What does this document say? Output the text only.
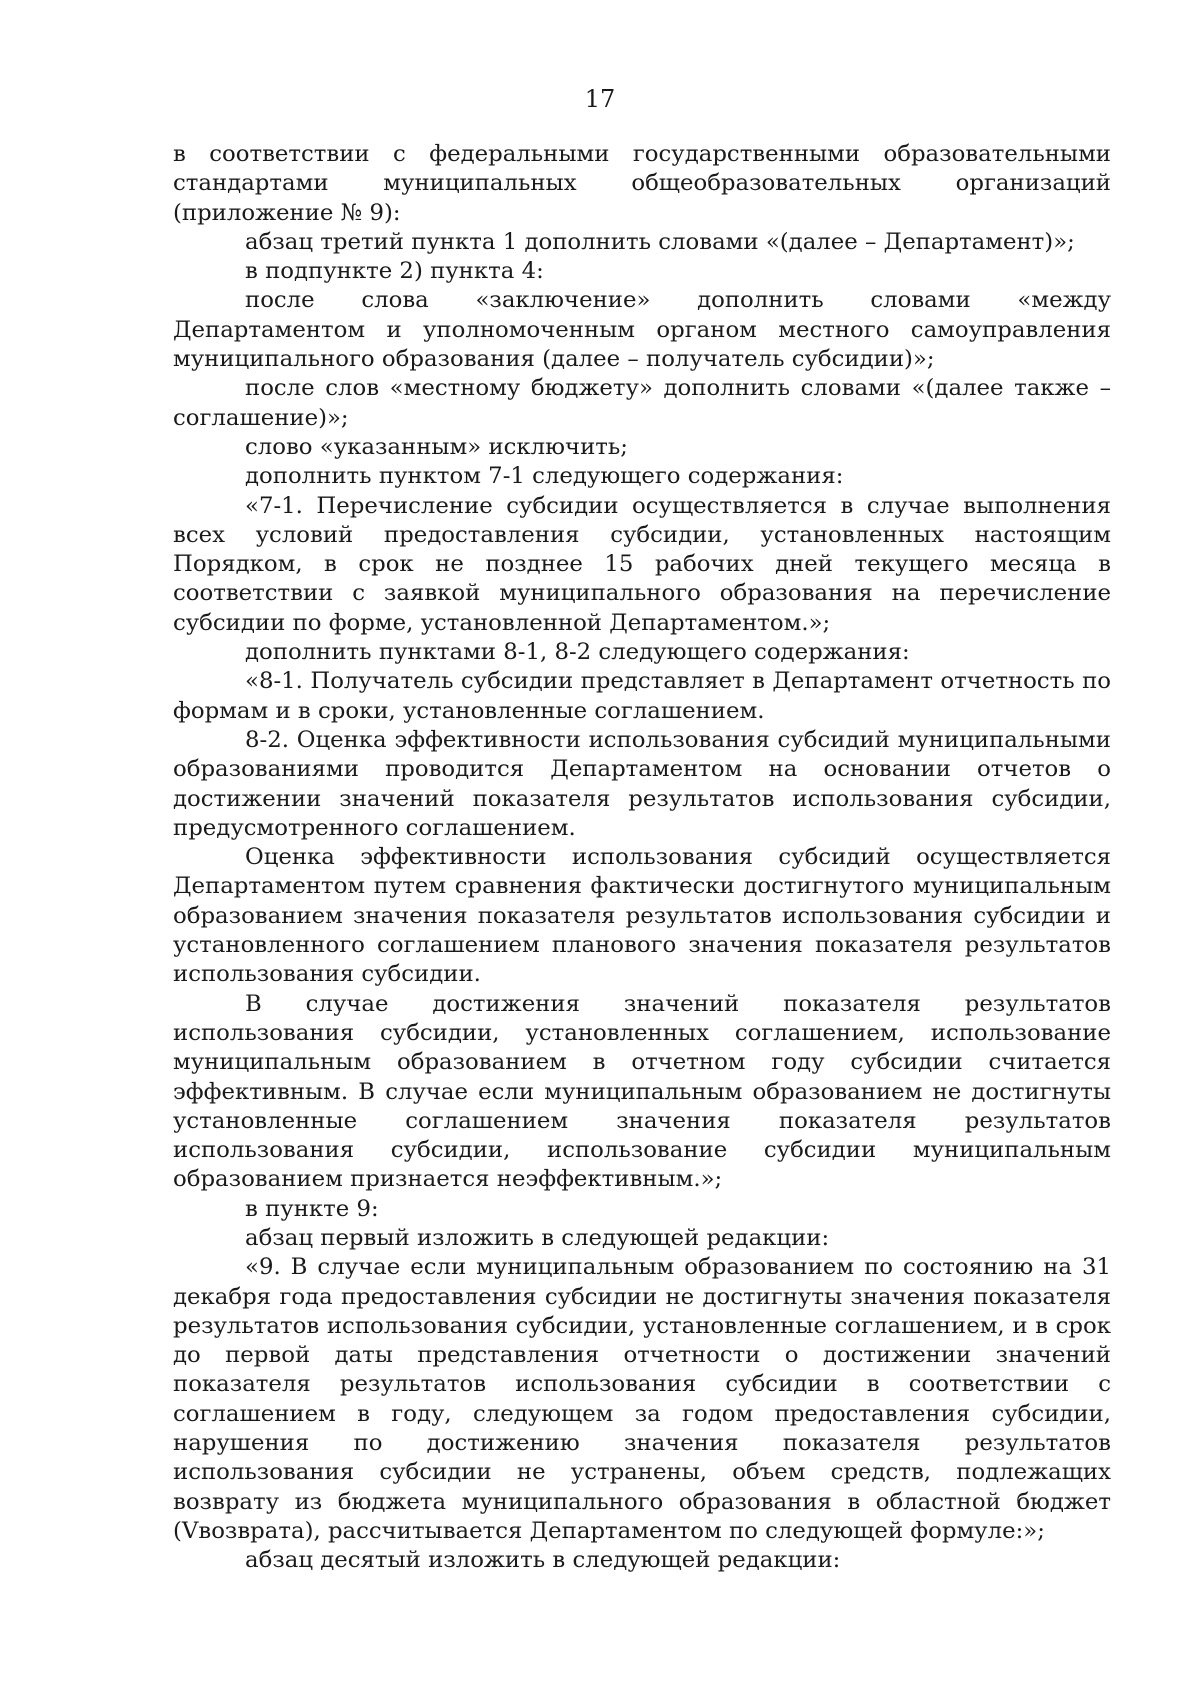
17

в соответствии с федеральными государственными образовательными стандартами муниципальных общеобразовательных организаций (приложение № 9):

абзац третий пункта 1 дополнить словами «(далее – Департамент)»;

в подпункте 2) пункта 4:

после слова «заключение» дополнить словами «между Департаментом и уполномоченным органом местного самоуправления муниципального образования (далее – получатель субсидии)»;

после слов «местному бюджету» дополнить словами «(далее также – соглашение)»;

слово «указанным» исключить;

дополнить пунктом 7-1 следующего содержания:

«7-1. Перечисление субсидии осуществляется в случае выполнения всех условий предоставления субсидии, установленных настоящим Порядком, в срок не позднее 15 рабочих дней текущего месяца в соответствии с заявкой муниципального образования на перечисление субсидии по форме, установленной Департаментом.»;

дополнить пунктами 8-1, 8-2 следующего содержания:

«8-1. Получатель субсидии представляет в Департамент отчетность по формам и в сроки, установленные соглашением.

8-2. Оценка эффективности использования субсидий муниципальными образованиями проводится Департаментом на основании отчетов о достижении значений показателя результатов использования субсидии, предусмотренного соглашением.

Оценка эффективности использования субсидий осуществляется Департаментом путем сравнения фактически достигнутого муниципальным образованием значения показателя результатов использования субсидии и установленного соглашением планового значения показателя результатов использования субсидии.

В случае достижения значений показателя результатов использования субсидии, установленных соглашением, использование муниципальным образованием в отчетном году субсидии считается эффективным. В случае если муниципальным образованием не достигнуты установленные соглашением значения показателя результатов использования субсидии, использование субсидии муниципальным образованием признается неэффективным.»;

в пункте 9:

абзац первый изложить в следующей редакции:

«9. В случае если муниципальным образованием по состоянию на 31 декабря года предоставления субсидии не достигнуты значения показателя результатов использования субсидии, установленные соглашением, и в срок до первой даты представления отчетности о достижении значений показателя результатов использования субсидии в соответствии с соглашением в году, следующем за годом предоставления субсидии, нарушения по достижению значения показателя результатов использования субсидии не устранены, объем средств, подлежащих возврату из бюджета муниципального образования в областной бюджет (Vвозврата), рассчитывается Департаментом по следующей формуле:»;

абзац десятый изложить в следующей редакции:
